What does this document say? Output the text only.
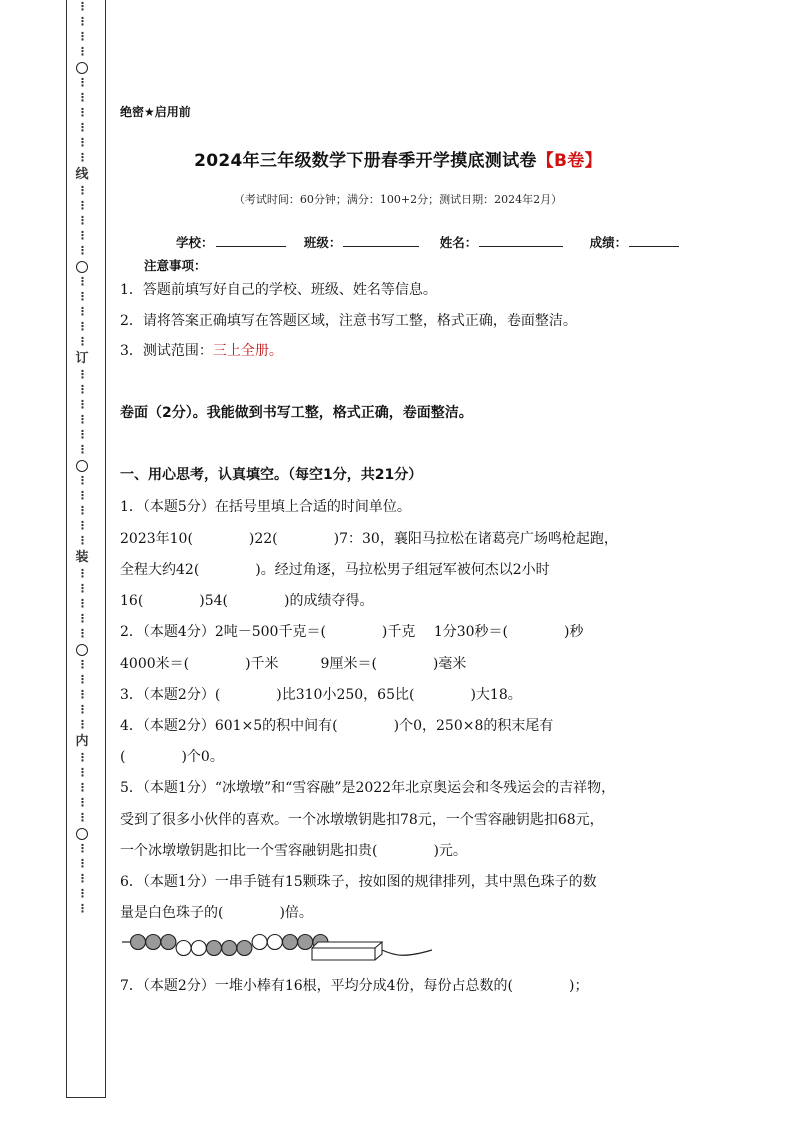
⋮
⋮
⋮
⋮
⋮
⋮
⋮
⋮
⋮
⋮
线
⋮
⋮
⋮
⋮
⋮
⋮
⋮
⋮
⋮
⋮
订
⋮
⋮
⋮
⋮
⋮
⋮
⋮
⋮
⋮
⋮
⋮
装
⋮
⋮
⋮
⋮
⋮
⋮
⋮
⋮
⋮
⋮
内
⋮
⋮
⋮
⋮
⋮
⋮
⋮
⋮
⋮
⋮
绝密★启用前
2024年三年级数学下册春季开学摸底测试卷【B卷】
（考试时间：60分钟；满分：100+2分；测试日期：2024年2月）
学校：	班级：	姓名：	成绩：
注意事项：
1．答题前填写好自己的学校、班级、姓名等信息。
2．请将答案正确填写在答题区域，注意书写工整，格式正确，卷面整洁。
3．测试范围：三上全册。
卷面（2分）。我能做到书写工整，格式正确，卷面整洁。
一、用心思考，认真填空。（每空1分，共21分）
1．（本题5分）在括号里填上合适的时间单位。
2023年10(　　　　)22(　　　　)7：30，襄阳马拉松在诸葛亮广场鸣枪起跑，
全程大约42(　　　　)。经过角逐，马拉松男子组冠军被何杰以2小时
16(　　　　)54(　　　　)的成绩夺得。
2．（本题4分）2吨－500千克＝(　　　　)千克　 1分30秒＝(　　　　)秒
4000米＝(　　　　)千米　　　9厘米＝(　　　　)毫米
3．（本题2分）(　　　　)比310小250，65比(　　　　)大18。
4．（本题2分）601×5的积中间有(　　　　)个0，250×8的积末尾有
(　　　　)个0。
5．（本题1分）“冰墩墩”和“雪容融”是2022年北京奥运会和冬残运会的吉祥物，
受到了很多小伙伴的喜欢。一个冰墩墩钥匙扣78元，一个雪容融钥匙扣68元，
一个冰墩墩钥匙扣比一个雪容融钥匙扣贵(　　　　)元。
6．（本题1分）一串手链有15颗珠子，按如图的规律排列，其中黑色珠子的数
量是白色珠子的(　　　　)倍。
7．（本题2分）一堆小棒有16根，平均分成4份，每份占总数的(　　　　)；
